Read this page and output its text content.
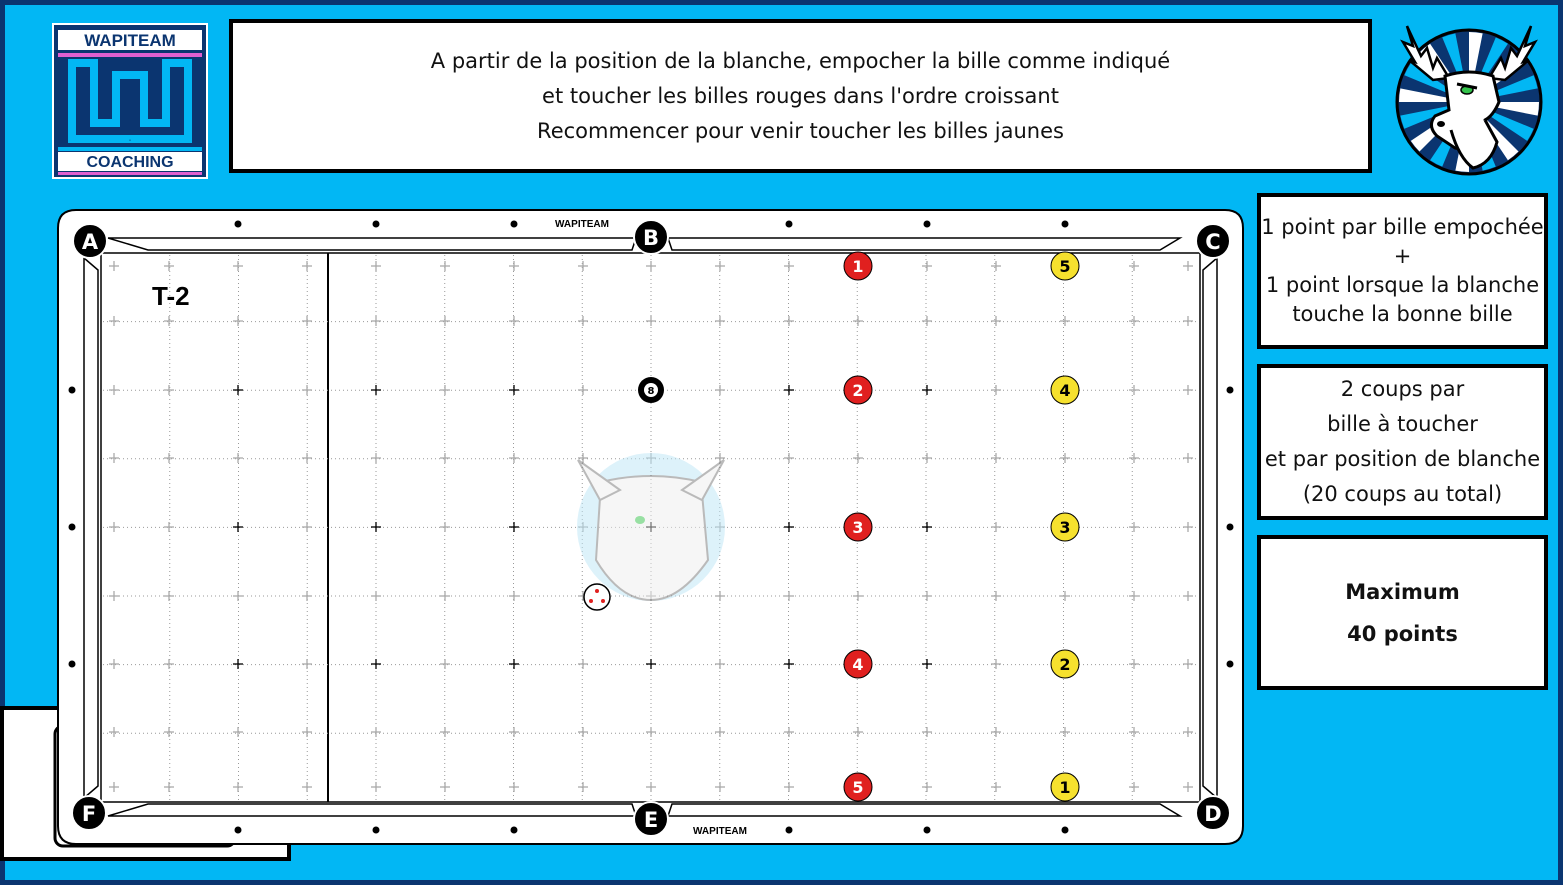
WAPITEAM
W
COACHING
A partir de la position de la blanche, empocher la bille comme indiqué
et toucher les billes rouges dans l'ordre croissant
Recommencer pour venir toucher les billes jaunes
1 point par bille empochée
+
1 point lorsque la blanche
touche la bonne bille
2 coups par
bille à toucher
et par position de blanche
(20 coups au total)
Maximum
40 points
WAPITEAM
WAPITEAM
T-2
A	B	C
D
E
F
1
2
3
4
5
5
4
3
2
1
8
